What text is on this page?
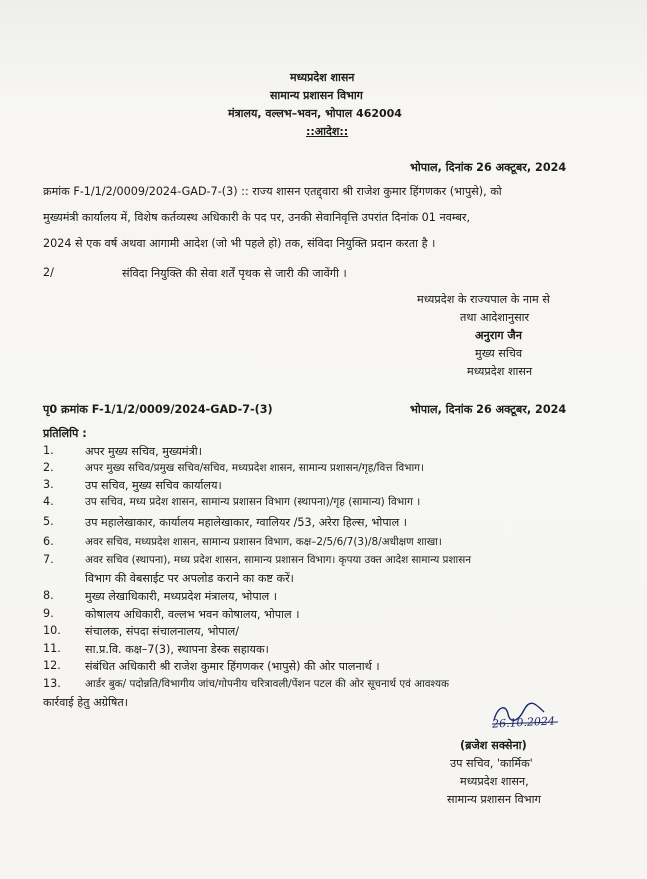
मध्यप्रदेश शासन
सामान्य प्रशासन विभाग
मंत्रालय, वल्लभ–भवन, भोपाल 462004
::आदेश::
भोपाल, दिनांक 26 अक्टूबर, 2024
क्रमांक F-1/1/2/0009/2024-GAD-7-(3) :: राज्य शासन एतद्द्वारा श्री राजेश कुमार हिंगणकर (भापुसे), को
मुख्यमंत्री कार्यालय में, विशेष कर्तव्यस्थ अधिकारी के पद पर, उनकी सेवानिवृत्ति उपरांत दिनांक 01 नवम्बर,
2024 से एक वर्ष अथवा आगामी आदेश (जो भी पहले हो) तक, संविदा नियुक्ति प्रदान करता है ।
2/	संविदा नियुक्ति की सेवा शर्तें पृथक से जारी की जावेंगी ।
मध्यप्रदेश के राज्यपाल के नाम से
तथा आदेशानुसार
अनुराग जैन
मुख्य सचिव
मध्यप्रदेश शासन
पृ0 क्रमांक F-1/1/2/0009/2024-GAD-7-(3)	भोपाल, दिनांक 26 अक्टूबर, 2024
प्रतिलिपि :
1.	अपर मुख्य सचिव, मुख्यमंत्री।
2.	अपर मुख्य सचिव/प्रमुख सचिव/सचिव, मध्यप्रदेश शासन, सामान्य प्रशासन/गृह/वित्त विभाग।
3.	उप सचिव, मुख्य सचिव कार्यालय।
4.	उप सचिव, मध्य प्रदेश शासन, सामान्य प्रशासन विभाग (स्थापना)/गृह (सामान्य) विभाग ।
5.	उप महालेखाकार, कार्यालय महालेखाकार, ग्वालियर /53, अरेरा हिल्स, भोपाल ।
6.	अवर सचिव, मध्यप्रदेश शासन, सामान्य प्रशासन विभाग, कक्ष–2/5/6/7(3)/8/अधीक्षण शाखा।
7.	अवर सचिव (स्थापना), मध्य प्रदेश शासन, सामान्य प्रशासन विभाग। कृपया उक्त आदेश सामान्य प्रशासन
विभाग की वेबसाईट पर अपलोड कराने का कष्ट करें।
8.	मुख्य लेखाधिकारी, मध्यप्रदेश मंत्रालय, भोपाल ।
9.	कोषालय अधिकारी, वल्लभ भवन कोषालय, भोपाल ।
10. संचालक, संपदा संचालनालय, भोपाल/
11. सा.प्र.वि. कक्ष–7(3), स्थापना डेस्क सहायक।
12. संबंधित अधिकारी श्री राजेश कुमार हिंगणकर (भापुसे) की ओर पालनार्थ ।
13. आर्डर बुक/ पदोन्नति/विभागीय जांच/गोपनीय चरित्रावली/पेंशन पटल की ओर सूचनार्थ एवं आवश्यक
कार्रवाई हेतु अग्रेषित।
26.10.2024
(ब्रजेश सक्सेना)
उप सचिव, 'कार्मिक'
मध्यप्रदेश शासन,
सामान्य प्रशासन विभाग
